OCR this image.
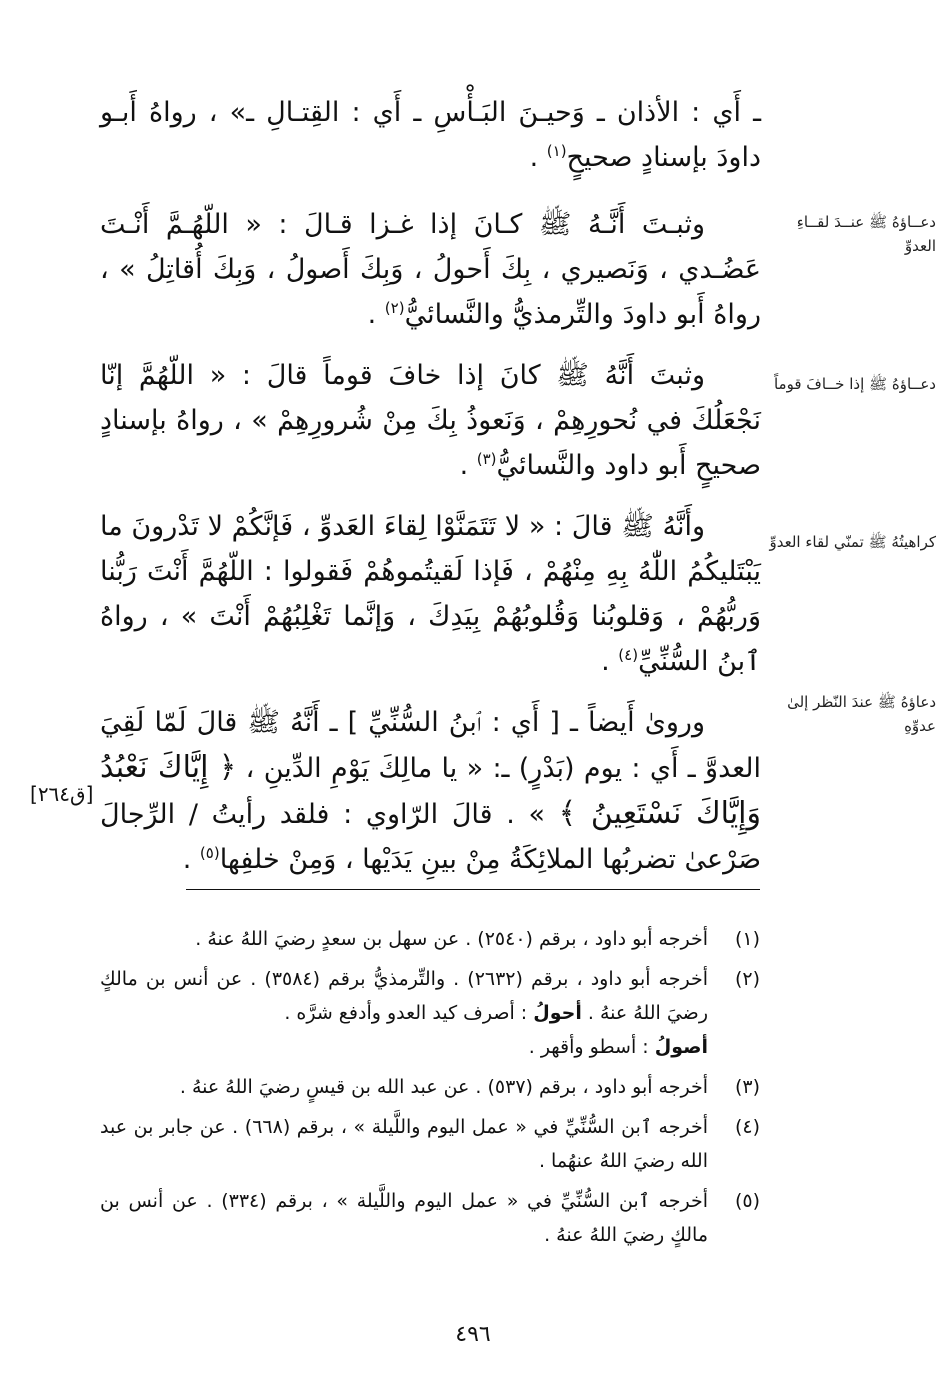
ـ أَي : الأذان ـ وَحيـنَ البَـأْسِ ـ أَي : القِتـالِ ـ» ، رواهُ أَبـو داودَ بإسنادٍ صحيحٍ$^{(١)}$ .

وثبـتَ أَنَّـهُ ﷺ كـانَ إذا غـزا قـالَ : « اللّهُـمَّ أَنْـتَ عَضُـدي ، وَنَصيري ، بِكَ أَحولُ ، وَبِكَ أَصولُ ، وَبِكَ أُقاتِلُ » ، رواهُ أَبو داودَ والتِّرمذيُّ والنَّسائيُّ$^{(٢)}$ .

وثبتَ أَنَّهُ ﷺ كانَ إذا خافَ قوماً قالَ : « اللّهُمَّ إنّا نَجْعَلُكَ في نُحورِهِمْ ، وَنَعوذُ بِكَ مِنْ شُرورِهِمْ » ، رواهُ بإسنادٍ صحيحٍ أَبو داود والنَّسائيُّ$^{(٣)}$ .

وأَنَّهُ ﷺ قالَ : « لا تَتَمَنَّوْا لِقاءَ العَدوِّ ، فَإنَّكُمْ لا تَدْرونَ ما يَبْتَليكُمُ اللّٰهُ بِهِ مِنْهُمْ ، فَإذا لَقيتُموهُمْ فَقولوا : اللّهُمَّ أَنْتَ رَبُّنا وَربُّهُمْ ، وَقلوبُنا وَقُلوبُهُمْ بِيَدِكَ ، وَإنَّما تَغْلِبُهُمْ أَنْتَ » ، رواهُ ٱبنُ السُّنِّيِّ$^{(٤)}$ .

وروىٰ أَيضاً ـ [ أَي : ٱبنُ السُّنِّيِّ ] ـ أَنَّهُ ﷺ قالَ لَمّا لَقِيَ العدوَّ ـ أَي : يوم (بَدْرٍ) ـ: « يا مالِكَ يَوْمِ الدِّينِ ، ﴿ إِيَّاكَ نَعْبُدُ وَإِيَّاكَ نَسْتَعِينُ ﴾ » . قالَ الرّاوي : فلقد رأيتُ / الرِّجالَ صَرْعىٰ تضربُها الملائِكَةُ مِنْ بينِ يَدَيْها ، وَمِنْ خلفِها$^{(٥)}$ .

دعــاؤهُ ﷺ عنــدَ لقــاءِ العدوِّ
دعــاؤهُ ﷺ إذا خــافَ قوماً
كراهيتُهُ ﷺ تمنّي لقاء العدوِّ
دعاؤهُ ﷺ عندَ النّظر إلىٰ عدوِّهِ
[ق٢٦٤]
(١)
أخرجه أبو داود ، برقم (٢٥٤٠) . عن سهل بن سعدٍ رضيَ اللهُ عنهُ .
(٢)
أخرجه أبو داود ، برقم (٢٦٣٢) . والتِّرمذيُّ برقم (٣٥٨٤) . عن أنس بن مالكٍ رضيَ اللهُ عنهُ . أحولُ : أصرف كيد العدو وأدفع شرَّه .
أصولُ : أسطو وأقهر .
(٣)
أخرجه أبو داود ، برقم (٥٣٧) . عن عبد الله بن قيسٍ رضيَ اللهُ عنهُ .
(٤)
أخرجه ٱبن السُّنِّيِّ في « عمل اليوم واللَّيلة » ، برقم (٦٦٨) . عن جابر بن عبد الله رضيَ اللهُ عنهُما .
(٥)
أخرجه ٱبن السُّنِّيِّ في « عمل اليوم واللَّيلة » ، برقم (٣٣٤) . عن أنس بن مالكٍ رضيَ اللهُ عنهُ .
٤٩٦
